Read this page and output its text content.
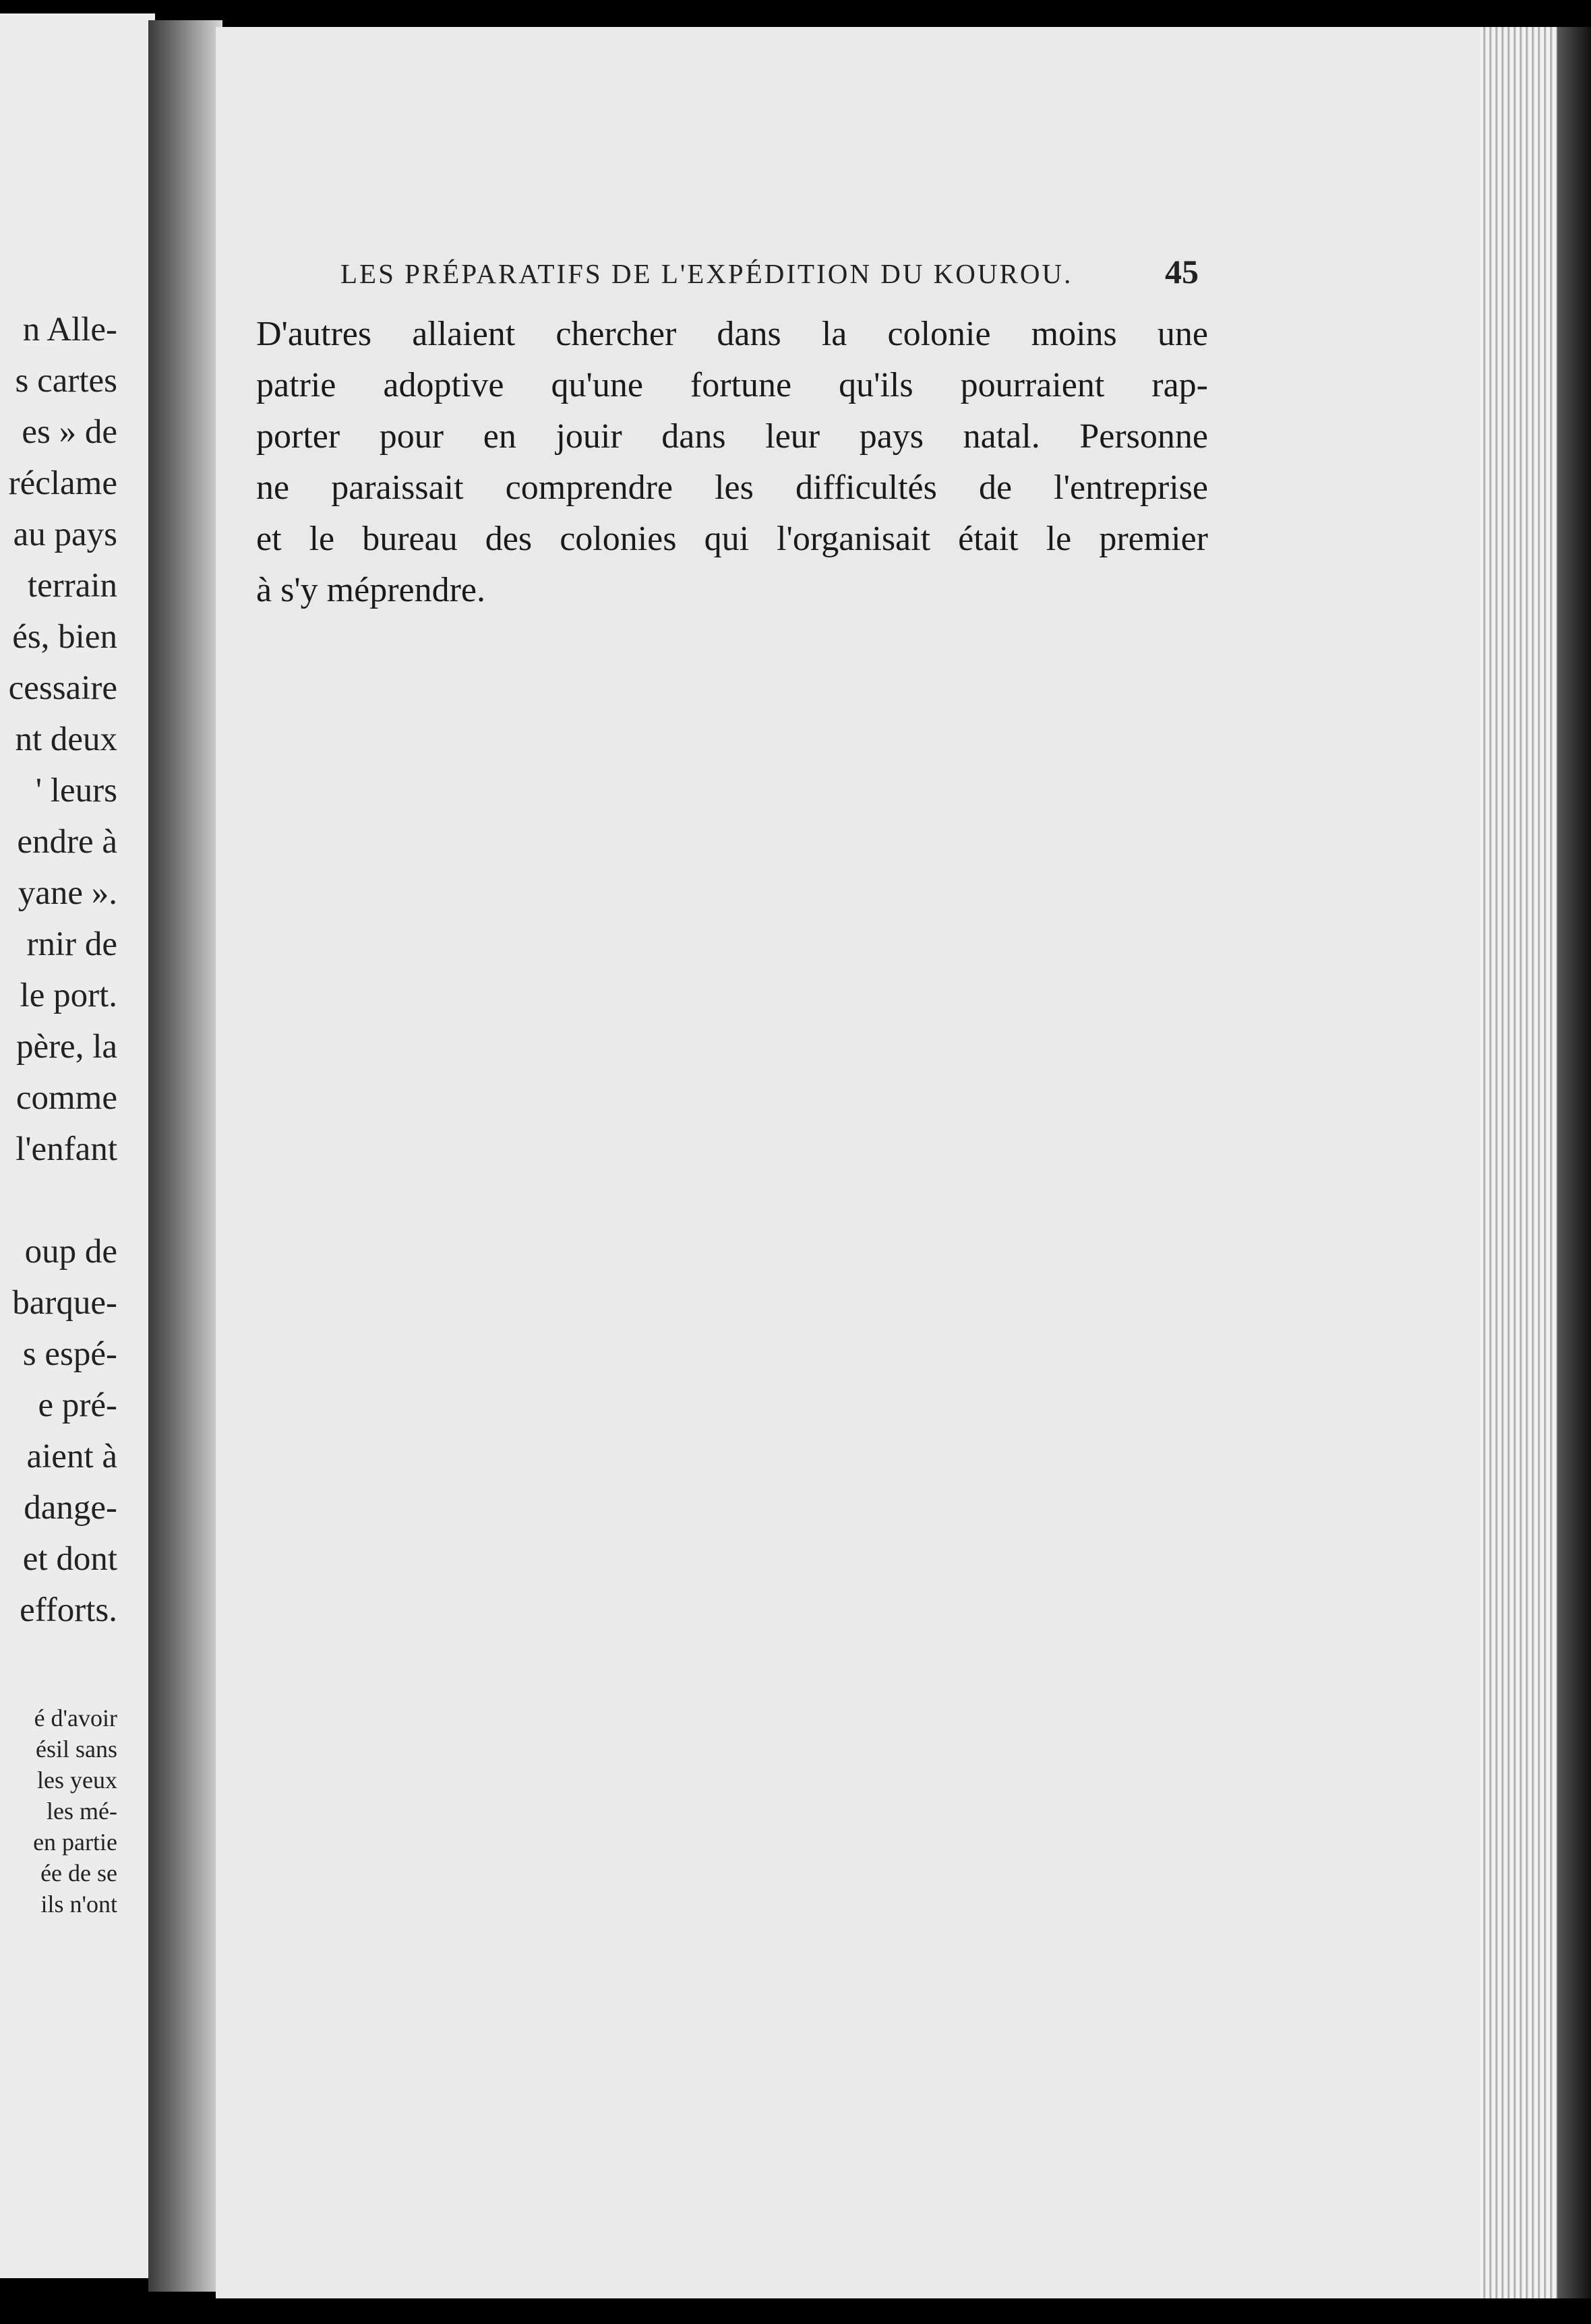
n Alle-
s cartes
es » de
réclame
au pays
terrain
és, bien
cessaire
nt deux
' leurs
endre à
yane ».
rnir de
le port.
père, la
comme
l'enfant
oup de
barque-
s espé-
e pré-
aient à
dange-
et dont
efforts.
é d'avoir
ésil sans
les yeux
les mé-
en partie
ée de se
ils n'ont
LES PRÉPARATIFS DE L'EXPÉDITION DU KOUROU.	45
D'autres allaient chercher dans la colonie moins une
patrie adoptive qu'une fortune qu'ils pourraient rap-
porter pour en jouir dans leur pays natal. Personne
ne paraissait comprendre les difficultés de l'entreprise
et le bureau des colonies qui l'organisait était le premier
à s'y méprendre.
